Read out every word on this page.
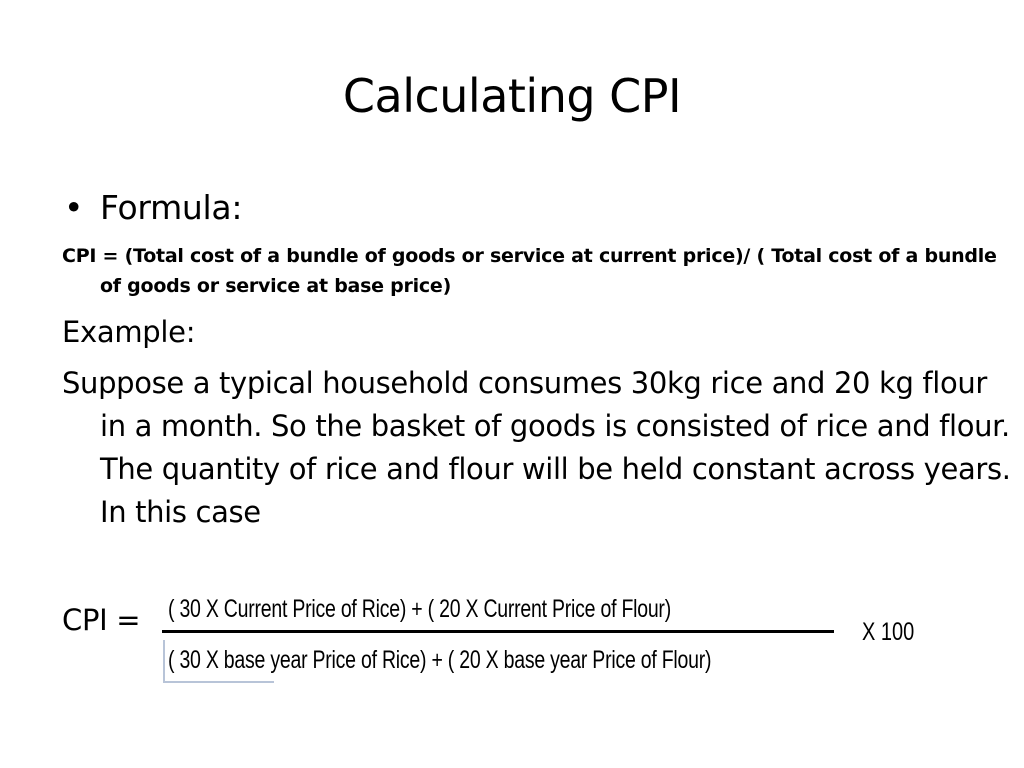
Calculating CPI
• Formula:
CPI = (Total cost of a bundle of goods or service at current price)/ ( Total cost of a bundle of goods or service at base price)
Example:
Suppose a typical household consumes 30kg rice and 20 kg flour in a month. So the basket of goods is consisted of rice and flour. The quantity of rice and flour will be held constant across years. In this case
CPI = ( 30 X Current Price of Rice) + ( 20 X Current Price of Flour)
( 30 X base year Price of Rice) + ( 20 X base year Price of Flour)
X 100
